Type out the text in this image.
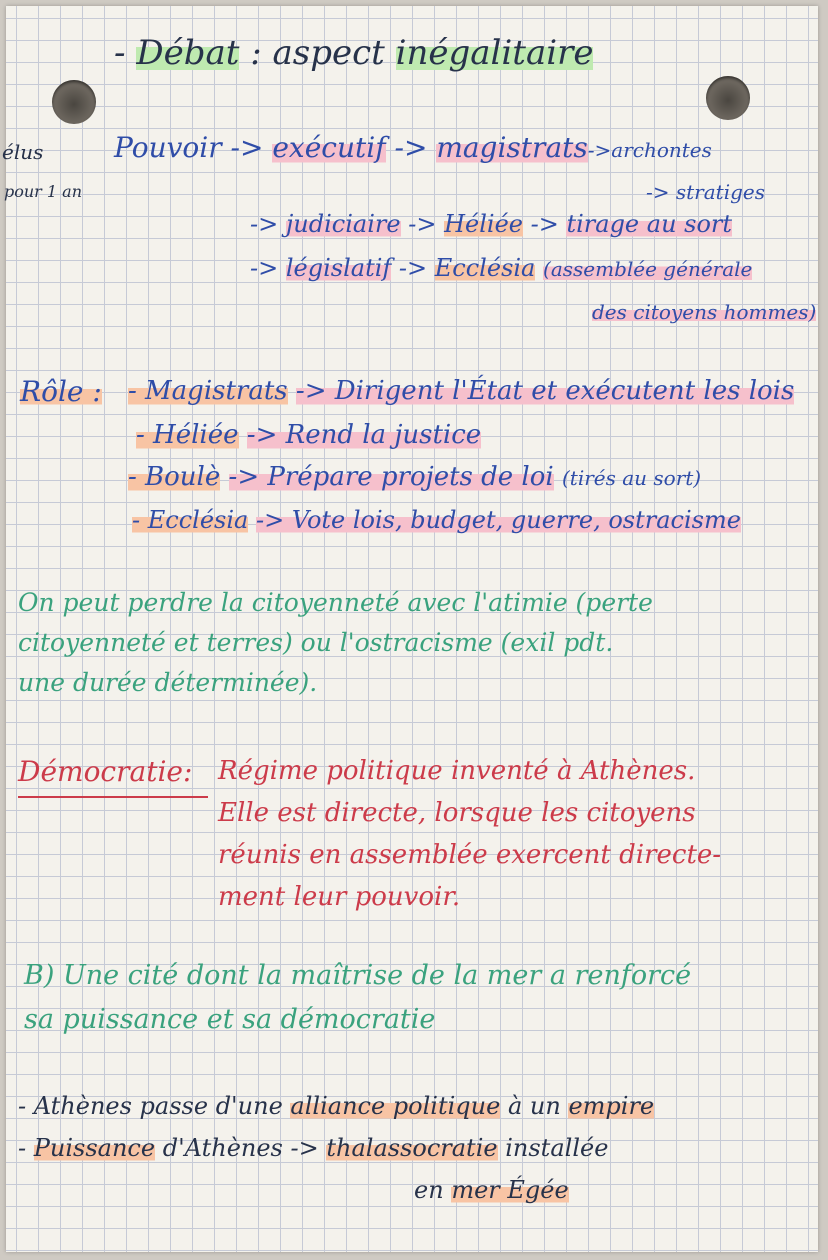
- Débat : aspect inégalitaire
élus
pour 1 an
Pouvoir -> exécutif -> magistrats->archontes
-> stratiges
-> judiciaire -> Héliée -> tirage au sort
-> législatif -> Ecclésia (assemblée générale
des citoyens hommes)
Rôle : - Magistrats -> Dirigent l'État et exécutent les lois
- Héliée -> Rend la justice
- Boulè -> Prépare projets de loi (tirés au sort)
- Ecclésia -> Vote lois, budget, guerre, ostracisme
On peut perdre la citoyenneté avec l'atimie (perte
citoyenneté et terres) ou l'ostracisme (exil pdt.
une durée déterminée).
Démocratie: Régime politique inventé à Athènes.
Elle est directe, lorsque les citoyens
réunis en assemblée exercent directe-
ment leur pouvoir.
B) Une cité dont la maîtrise de la mer a renforcé
sa puissance et sa démocratie
- Athènes passe d'une alliance politique à un empire
- Puissance d'Athènes -> thalassocratie installée
en mer Égée
